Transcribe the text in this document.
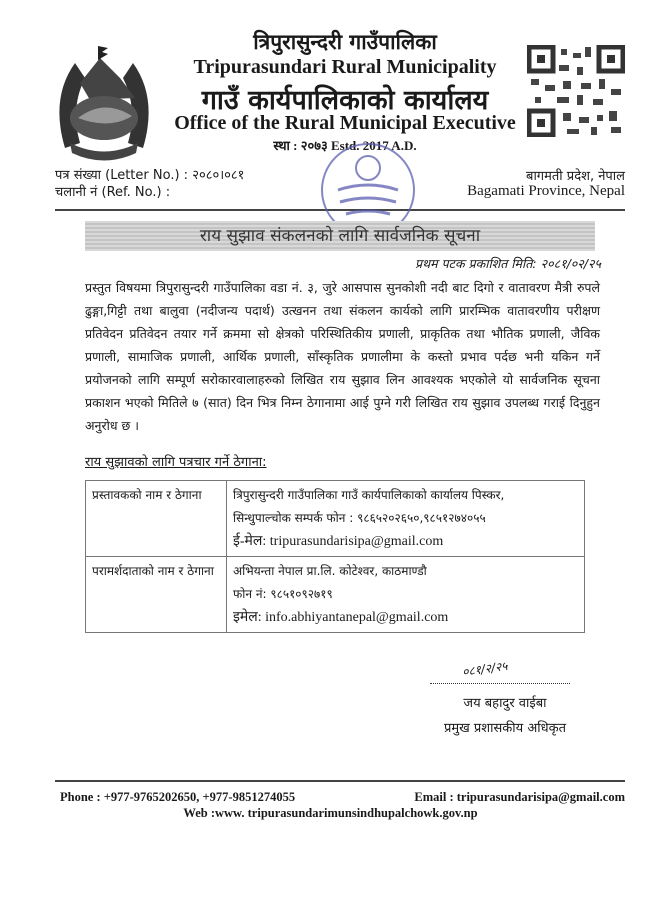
त्रिपुरासुन्दरी गाउँपालिका
Tripurasundari Rural Municipality
गाउँ कार्यपालिकाको कार्यालय
Office of the Rural Municipal Executive
स्था : २०७३ Estd. 2017 A.D.
पत्र संख्या (Letter No.) : २०८०।०८१
चलानी नं (Ref. No.) :
बागमती प्रदेश, नेपाल
Bagamati Province, Nepal
राय सुझाव संकलनको लागि सार्वजनिक सूचना
प्रथम पटक प्रकाशित मिति: २०८१/०२/२५
प्रस्तुत विषयमा त्रिपुरासुन्दरी गाउँपालिका वडा नं. ३, जुरे आसपास सुनकोशी नदी बाट दिगो र वातावरण मैत्री रुपले ढुङ्गा,गिट्टी तथा बालुवा (नदीजन्य पदार्थ) उत्खनन तथा संकलन कार्यको लागि प्रारम्भिक वातावरणीय परीक्षण प्रतिवेदन प्रतिवेदन तयार गर्ने क्रममा सो क्षेत्रको परिस्थितिकीय प्रणाली, प्राकृतिक तथा भौतिक प्रणाली, जैविक प्रणाली, सामाजिक प्रणाली, आर्थिक प्रणाली, साँस्कृतिक प्रणालीमा के कस्तो प्रभाव पर्दछ भनी यकिन गर्ने प्रयोजनको लागि सम्पूर्ण सरोकारवालाहरुको लिखित राय सुझाव लिन आवश्यक भएकोले यो सार्वजनिक सूचना प्रकाशन भएको मितिले ७ (सात) दिन भित्र निम्न ठेगानामा आई पुग्ने गरी लिखित राय सुझाव उपलब्ध गराई दिनुहुन अनुरोध छ ।
राय सुझावको लागि पत्रचार गर्ने ठेगाना:
प्रस्तावकको नाम र ठेगाना	त्रिपुरासुन्दरी गाउँपालिका गाउँ कार्यपालिकाको कार्यालय पिस्कर,
सिन्धुपाल्चोक सम्पर्क फोन : ९८६५२०२६५०,९८५१२७४०५५
ई-मेल: tripurasundarisipa@gmail.com

परामर्शदाताको नाम र ठेगाना	अभियन्ता नेपाल प्रा.लि. कोटेश्वर, काठमाण्डौ
फोन नं: ९८५१०९२७१९
इमेल: info.abhiyantanepal@gmail.com
०८१/२/२५
जय बहादुर वाईबा
प्रमुख प्रशासकीय अधिकृत
Phone : +977-9765202650, +977-9851274055	Email : tripurasundarisipa@gmail.com
Web :www. tripurasundarimunsindhupalchowk.gov.np
